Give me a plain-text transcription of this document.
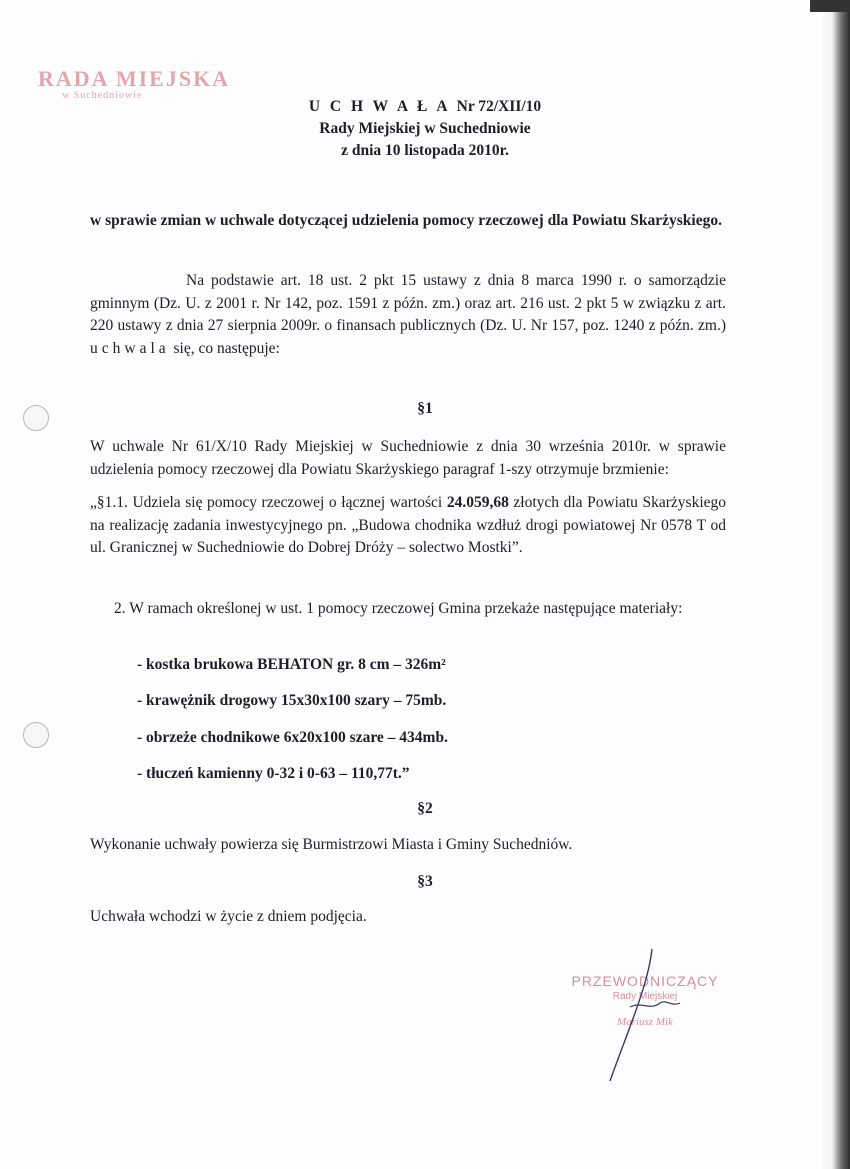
RADA MIEJSKA
w Suchedniowie
U C H W A Ł A Nr 72/XII/10
Rady Miejskiej w Suchedniowie
z dnia 10 listopada 2010r.
w sprawie zmian w uchwale dotyczącej udzielenia pomocy rzeczowej dla Powiatu Skarżyskiego.
Na podstawie art. 18 ust. 2 pkt 15 ustawy z dnia 8 marca 1990 r. o samorządzie gminnym (Dz. U. z 2001 r. Nr 142, poz. 1591 z późn. zm.) oraz art. 216 ust. 2 pkt 5 w związku z art. 220 ustawy z dnia 27 sierpnia 2009r. o finansach publicznych (Dz. U. Nr 157, poz. 1240 z późn. zm.) uchwala się, co następuje:
§1
W uchwale Nr 61/X/10 Rady Miejskiej w Suchedniowie z dnia 30 września 2010r. w sprawie udzielenia pomocy rzeczowej dla Powiatu Skarżyskiego paragraf 1-szy otrzymuje brzmienie:
„§1.1. Udziela się pomocy rzeczowej o łącznej wartości 24.059,68 złotych dla Powiatu Skarżyskiego na realizację zadania inwestycyjnego pn. „Budowa chodnika wzdłuż drogi powiatowej Nr 0578 T od ul. Granicznej w Suchedniowie do Dobrej Dróży – solectwo Mostki”.
2. W ramach określonej w ust. 1 pomocy rzeczowej Gmina przekaże następujące materiały:
- kostka brukowa BEHATON gr. 8 cm – 326m²
- krawężnik drogowy 15x30x100 szary – 75mb.
- obrzeże chodnikowe 6x20x100 szare – 434mb.
- tłuczeń kamienny 0-32 i 0-63 – 110,77t.”
§2
Wykonanie uchwały powierza się Burmistrzowi Miasta i Gminy Suchedniów.
§3
Uchwała wchodzi w życie z dniem podjęcia.
PRZEWODNICZĄCY
Rady Miejskiej
Mariusz Mik
